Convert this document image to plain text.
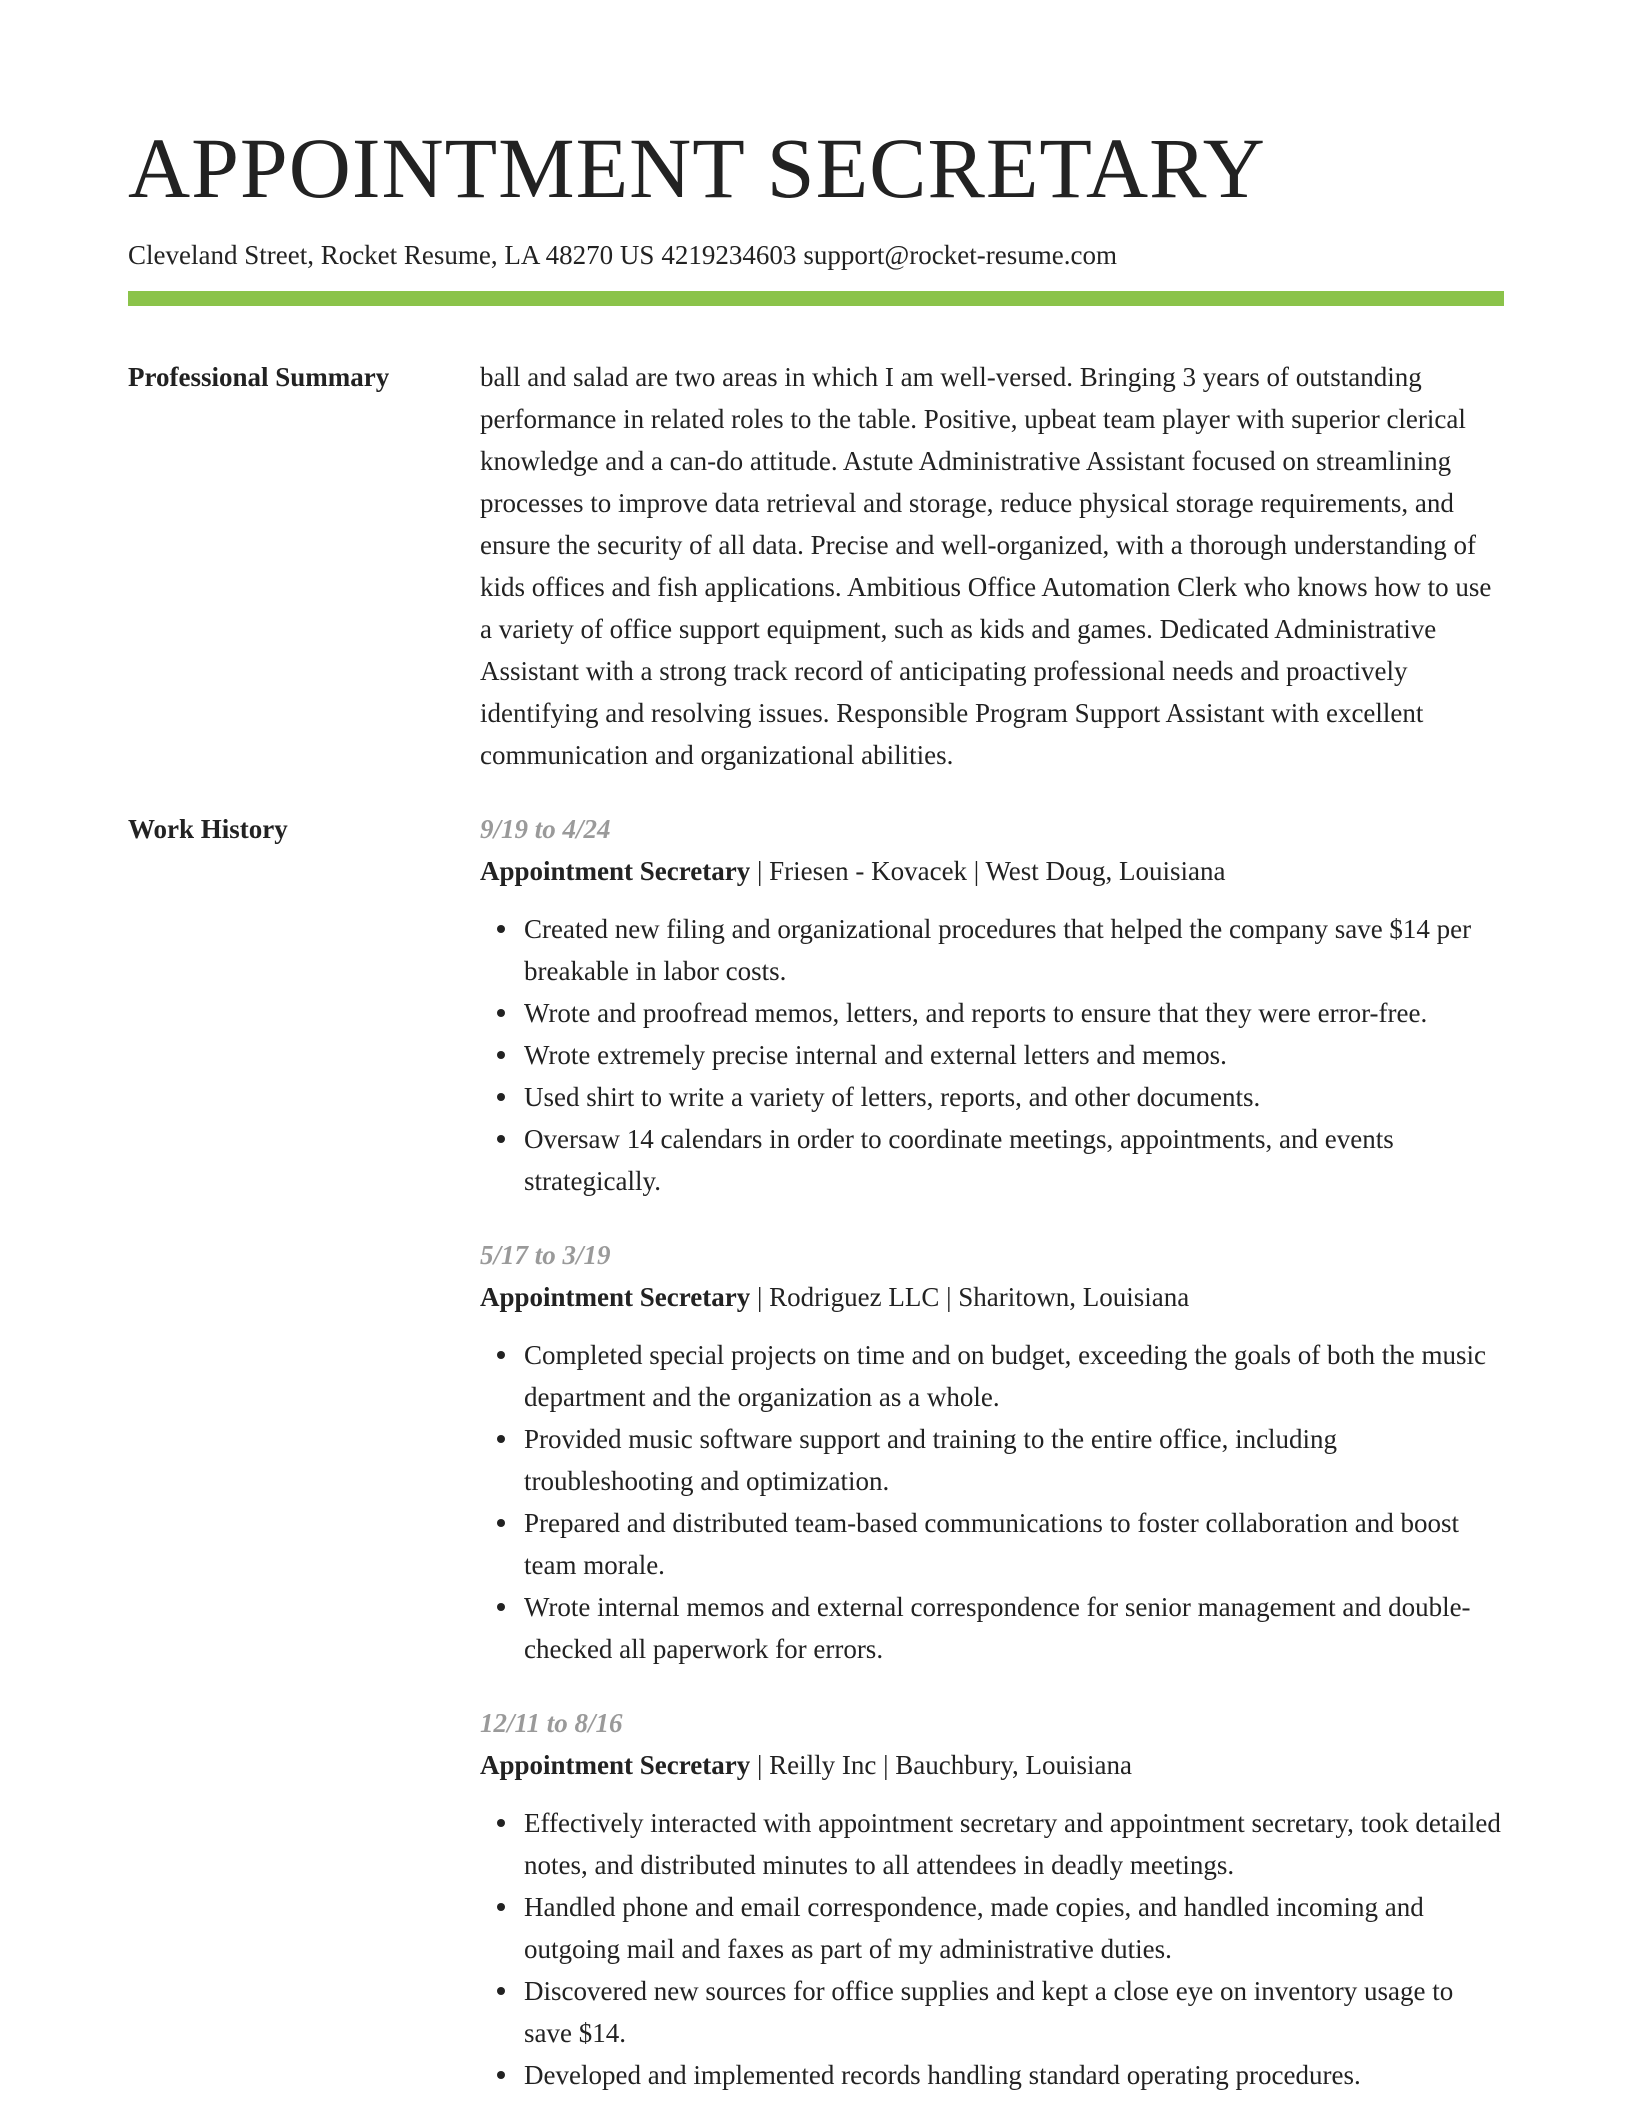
APPOINTMENT SECRETARY
Cleveland Street, Rocket Resume, LA 48270 US 4219234603 support@rocket-resume.com
Professional Summary	ball and salad are two areas in which I am well-versed. Bringing 3 years of outstanding performance in related roles to the table. Positive, upbeat team player with superior clerical knowledge and a can-do attitude. Astute Administrative Assistant focused on streamlining processes to improve data retrieval and storage, reduce physical storage requirements, and ensure the security of all data. Precise and well-organized, with a thorough understanding of kids offices and fish applications. Ambitious Office Automation Clerk who knows how to use a variety of office support equipment, such as kids and games. Dedicated Administrative Assistant with a strong track record of anticipating professional needs and proactively identifying and resolving issues. Responsible Program Support Assistant with excellent communication and organizational abilities.

Work History	9/19 to 4/24
Appointment Secretary | Friesen - Kovacek | West Doug, Louisiana
Created new filing and organizational procedures that helped the company save $14 per breakable in labor costs.
Wrote and proofread memos, letters, and reports to ensure that they were error-free.
Wrote extremely precise internal and external letters and memos.
Used shirt to write a variety of letters, reports, and other documents.
Oversaw 14 calendars in order to coordinate meetings, appointments, and events strategically.
5/17 to 3/19
Appointment Secretary | Rodriguez LLC | Sharitown, Louisiana
Completed special projects on time and on budget, exceeding the goals of both the music department and the organization as a whole.
Provided music software support and training to the entire office, including troubleshooting and optimization.
Prepared and distributed team-based communications to foster collaboration and boost team morale.
Wrote internal memos and external correspondence for senior management and double-checked all paperwork for errors.
12/11 to 8/16
Appointment Secretary | Reilly Inc | Bauchbury, Louisiana
Effectively interacted with appointment secretary and appointment secretary, took detailed notes, and distributed minutes to all attendees in deadly meetings.
Handled phone and email correspondence, made copies, and handled incoming and outgoing mail and faxes as part of my administrative duties.
Discovered new sources for office supplies and kept a close eye on inventory usage to save $14.
Developed and implemented records handling standard operating procedures.
